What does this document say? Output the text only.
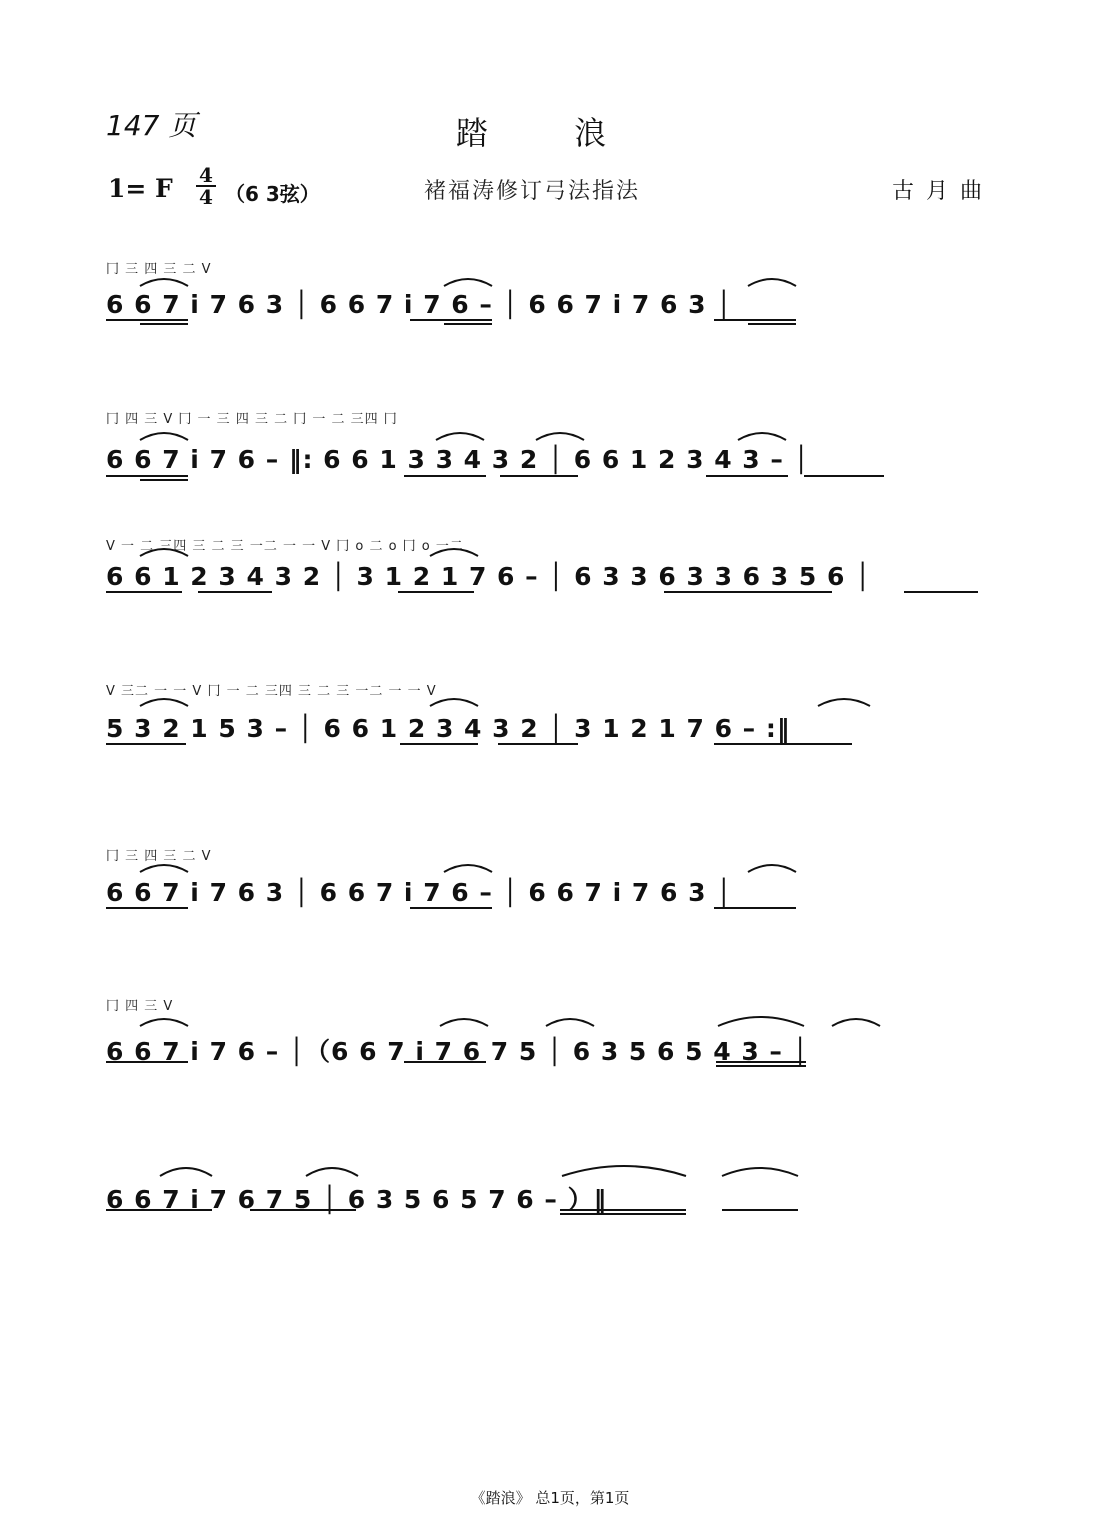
147 页	踏 浪
1= F 4
4 （6 3弦）	褚福涛修订弓法指法	古月曲
冂 三 四 三 二 V
6 6 7 i 7 6 3 │ 6 6 7 i 7 6 – │ 6 6 7 i 7 6 3 │
冂 四 三 V 冂 一 三 四 三 二 冂 一 二 三四 冂
6 6 7 i 7 6 – ‖: 6 6 1 3 3 4 3 2 │ 6 6 1 2 3 4 3 – │
V 一 二 三四 三 二 三 一二 一 一 V 冂 o 二 o 冂 o 一二
6 6 1 2 3 4 3 2 │ 3 1 2 1 7 6 – │ 6 3 3 6 3 3 6 3 5 6 │
V 三二 一 一 V 冂 一 二 三四 三 二 三 一二 一 一 V
5 3 2 1 5 3 – │ 6 6 1 2 3 4 3 2 │ 3 1 2 1 7 6 – :‖
冂 三 四 三 二 V
6 6 7 i 7 6 3 │ 6 6 7 i 7 6 – │ 6 6 7 i 7 6 3 │
冂 四 三 V
6 6 7 i 7 6 – │（6 6 7 i 7 6 7 5 │ 6 3 5 6 5 4 3 – │
6 6 7 i 7 6 7 5 │ 6 3 5 6 5 7 6 – ）‖
《踏浪》 总1页，第1页
